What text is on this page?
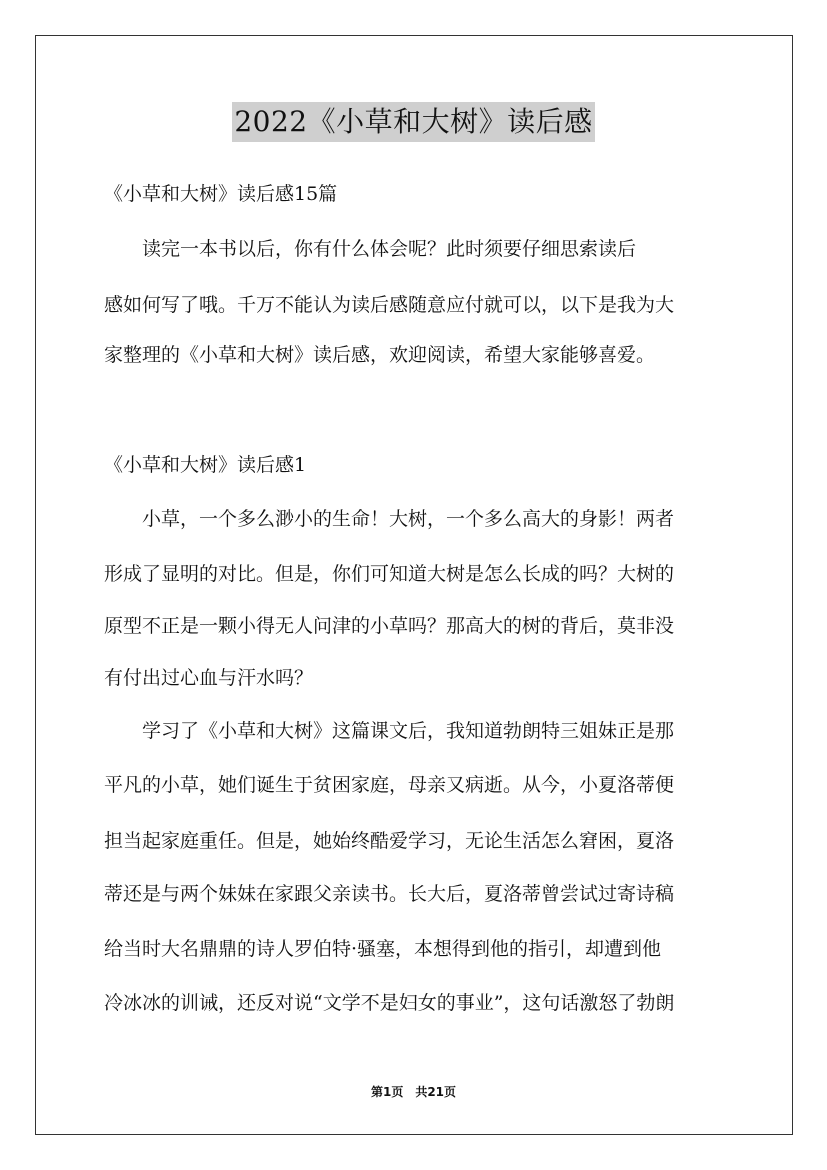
2022《小草和大树》读后感
《小草和大树》读后感15篇
　　读完一本书以后，你有什么体会呢？此时须要仔细思索读后
感如何写了哦。千万不能认为读后感随意应付就可以，以下是我为大
家整理的《小草和大树》读后感，欢迎阅读，希望大家能够喜爱。
《小草和大树》读后感1
　　小草，一个多么渺小的生命！大树，一个多么高大的身影！两者
形成了显明的对比。但是，你们可知道大树是怎么长成的吗？大树的
原型不正是一颗小得无人问津的小草吗？那高大的树的背后，莫非没
有付出过心血与汗水吗？
　　学习了《小草和大树》这篇课文后，我知道勃朗特三姐妹正是那
平凡的小草，她们诞生于贫困家庭，母亲又病逝。从今，小夏洛蒂便
担当起家庭重任。但是，她始终酷爱学习，无论生活怎么窘困，夏洛
蒂还是与两个妹妹在家跟父亲读书。长大后，夏洛蒂曾尝试过寄诗稿
给当时大名鼎鼎的诗人罗伯特·骚塞，本想得到他的指引，却遭到他
冷冰冰的训诫，还反对说“文学不是妇女的事业”，这句话激怒了勃朗
第1页　共21页
